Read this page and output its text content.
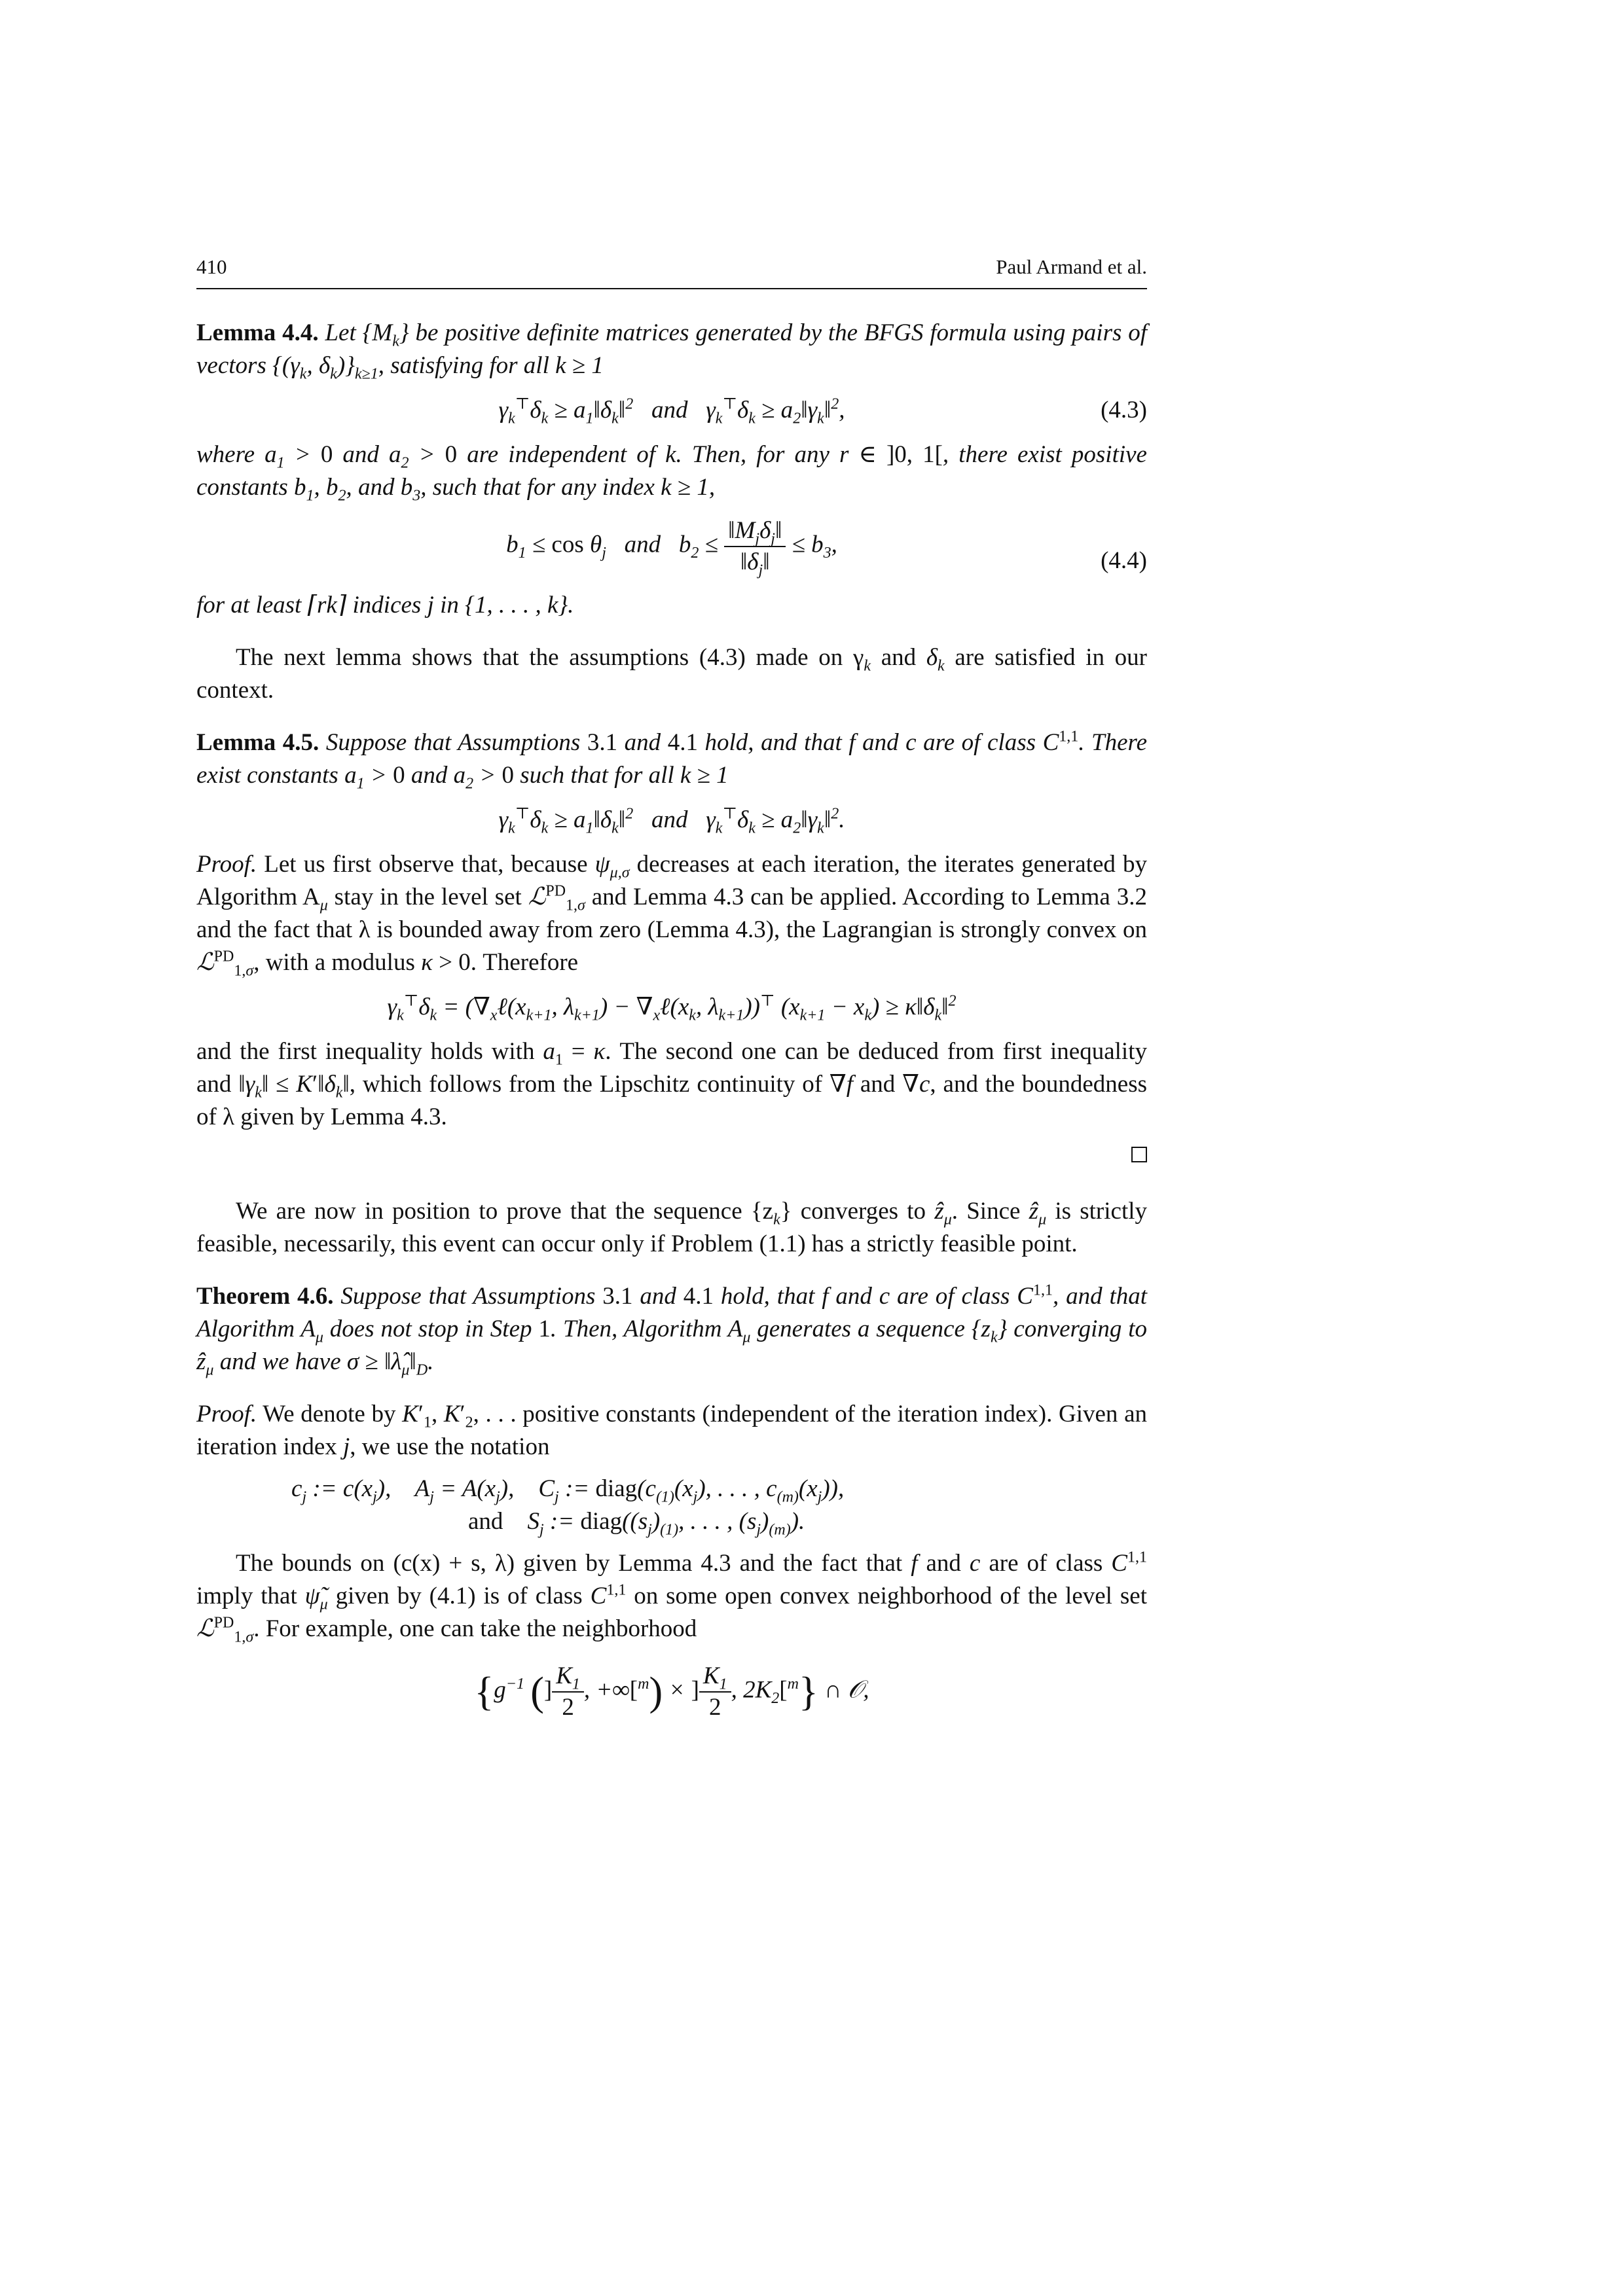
410	Paul Armand et al.

Lemma 4.4. Let $\{M_k\}$ be positive definite matrices generated by the BFGS formula using pairs of vectors {($\gamma_k$, $\delta_k)\}_{k\ge 1}$, satisfying for all k ≥ 1

$\gamma_k^⊤\delta_k$ ≥ $a_1‖\delta_k‖^2$   and   $\gamma_k^⊤\delta_k$ ≥ $a_2‖\gamma_k‖^2$,	(4.3)

where $a_1 > 0$ and $a_2 > 0$ are independent of k. Then, for any r ∈ ]0, 1[, there exist positive constants $b_1$, $b_2$, and $b_3$, such that for any index k ≥ 1,

$b_1 \le \cos \theta_j$   and   $b_2 \le \frac{‖M_j\delta_j‖}{‖\delta_j‖} \le b_3$,
(4.4)

for at least ⌈rk⌉ indices j in {1, . . . , k}.

The next lemma shows that the assumptions (4.3) made on $\gamma_k$ and $\delta_k$ are satisfied in our context.

Lemma 4.5. Suppose that Assumptions 3.1 and 4.1 hold, and that f and c are of class C$^{1,1}$. There exist constants $a_1 > 0$ and $a_2 > 0$ such that for all k ≥ 1

$\gamma_k^⊤\delta_k$ ≥ $a_1‖\delta_k‖^2$   and   $\gamma_k^⊤\delta_k$ ≥ $a_2‖\gamma_k‖^2$.

Proof. Let us first observe that, because $\psi_{\mu,\sigma}$ decreases at each iteration, the iterates generated by Algorithm $A_\mu$ stay in the level set ℒ$^{PD}_{1,\sigma}$ and Lemma 4.3 can be applied. According to Lemma 3.2 and the fact that λ is bounded away from zero (Lemma 4.3), the Lagrangian is strongly convex on ℒ$^{PD}_{1,\sigma}$, with a modulus κ > 0. Therefore

$\gamma_k^⊤\delta_k$ = ($\nabla_x\ell(x_{k+1}$, $\lambda_{k+1}$) − $\nabla_x\ell(x_k$, $\lambda_{k+1}))^⊤$ $(x_{k+1} - x_k)$ ≥ $\kappa‖\delta_k‖^2$

and the first inequality holds with $a_1 = \kappa$. The second one can be deduced from first inequality and $‖\gamma_k‖$ ≤ $K'‖\delta_k‖$, which follows from the Lipschitz continuity of ∇f and ∇c, and the boundedness of λ given by Lemma 4.3.

We are now in position to prove that the sequence $\{z_k\}$ converges to ẑ$_\mu$. Since ẑ$_\mu$ is strictly feasible, necessarily, this event can occur only if Problem (1.1) has a strictly feasible point.

Theorem 4.6. Suppose that Assumptions 3.1 and 4.1 hold, that f and c are of class C$^{1,1}$, and that Algorithm $A_\mu$ does not stop in Step 1. Then, Algorithm $A_\mu$ generates a sequence $\{z_k\}$ converging to ẑ$_\mu$ and we have $\sigma \ge ‖\lambdâ_\mu‖_D$.

Proof. We denote by $K'_1$, $K'_2$, . . . positive constants (independent of the iteration index). Given an iteration index j, we use the notation

$c_j$ := $c(x_j)$,    $A_j = A(x_j)$,    $C_j$ := $diag(c_{(1)}(x_j)$, . . . , $c_{(m)}(x_j)$),
and    $S_j$ := $diag((s_j)_{(1)}$, . . . , $(s_j)_{(m)}$).

The bounds on (c(x) + s, λ) given by Lemma 4.3 and the fact that f and c are of class C$^{1,1}$ imply that $\psĩ_\mu$ given by (4.1) is of class C$^{1,1}$ on some open convex neighborhood of the level set ℒ$^{PD}_{1,\sigma}$. For example, one can take the neighborhood

{$g^{-1}$ (] $\frac{K_1}{2}$ , +∞[$^m$) × ] $\frac{K_1}{2}$ , $2K_2[^m\}$ ∩ 𝒪,
